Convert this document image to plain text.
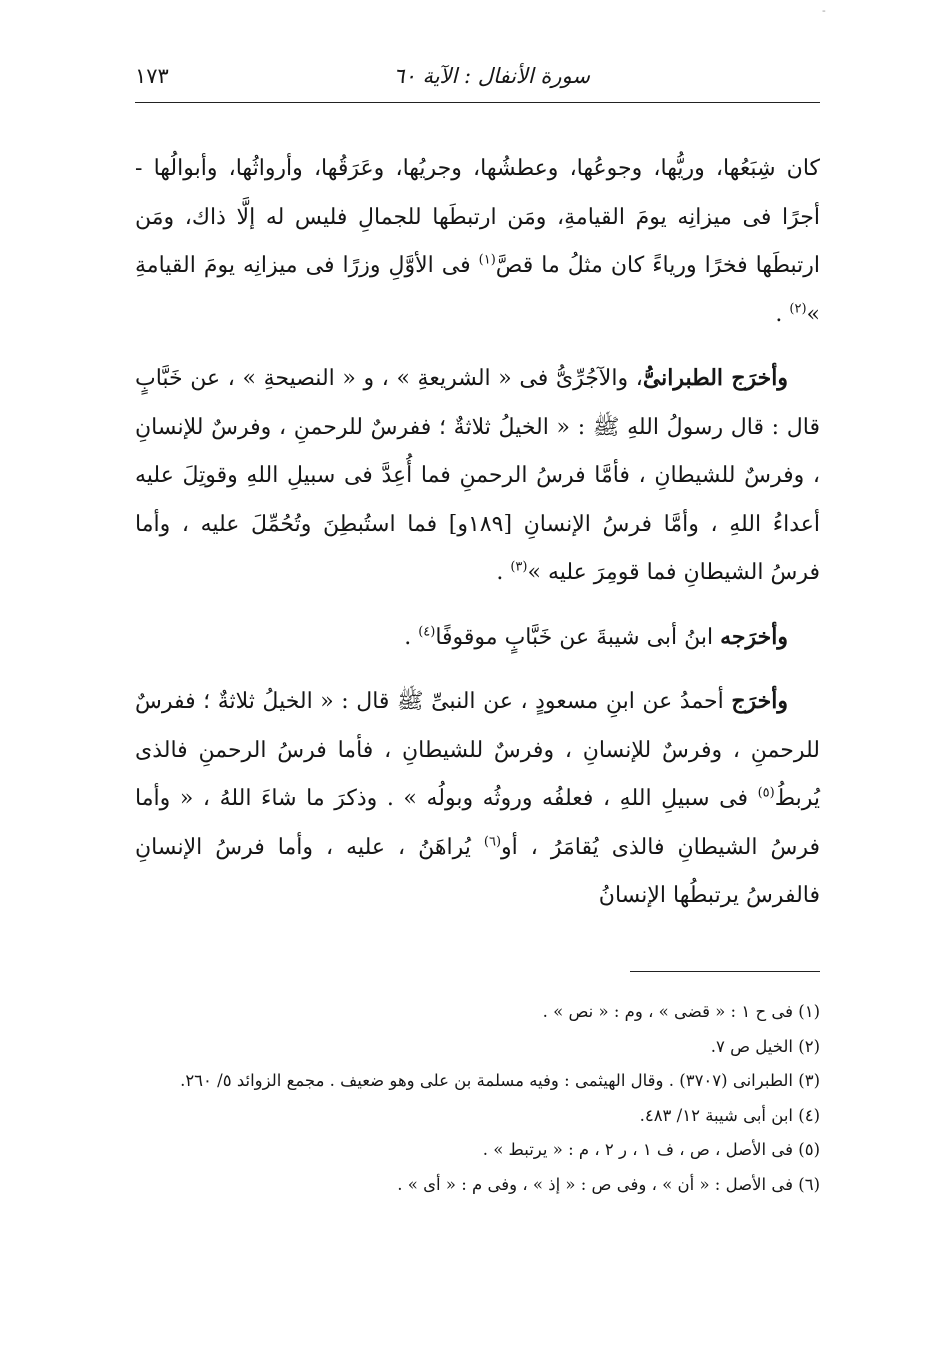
سورة الأنفال : الآية ٦٠
١٧٣

كان شِبَعُها، وريُّها، وجوعُها، وعطشُها، وجريُها، وعَرَقُها، وأرواثُها، وأبوالُها - أجرًا فى ميزانِه يومَ القيامةِ، ومَن ارتبطَها للجمالِ فليس له إلَّا ذاك، ومَن ارتبطَها فخرًا ورياءً كان مثلُ ما قصَّ$^{(١)}$ فى الأوَّلِ وزرًا فى ميزانِه يومَ القيامةِ »$^{(٢)}$ .

وأخرَج الطبرانىُّ، والآجُرِّىُّ فى « الشريعةِ » ، و « النصيحةِ » ، عن خَبَّابٍ قال : قال رسولُ اللهِ ﷺ : « الخيلُ ثلاثةٌ ؛ ففرسٌ للرحمنِ ، وفرسٌ للإنسانِ ، وفرسٌ للشيطانِ ، فأمَّا فرسُ الرحمنِ فما أُعِدَّ فى سبيلِ اللهِ وقوتِلَ عليه أعداءُ اللهِ ، وأمَّا فرسُ الإنسانِ [١٨٩و] فما استُبطِنَ وتُحُمِّلَ عليه ، وأما فرسُ الشيطانِ فما قومِرَ عليه »$^{(٣)}$ .

وأخرَجه ابنُ أبى شيبةَ عن خَبَّابٍ موقوفًا$^{(٤)}$ .

وأخرَج أحمدُ عن ابنِ مسعودٍ ، عن النبىِّ ﷺ قال : « الخيلُ ثلاثةٌ ؛ ففرسٌ للرحمنِ ، وفرسٌ للإنسانِ ، وفرسٌ للشيطانِ ، فأما فرسُ الرحمنِ فالذى يُربطُ$^{(٥)}$ فى سبيلِ اللهِ ، فعلفُه وروثُه وبولُه » . وذكرَ ما شاءَ اللهُ ، « وأما فرسُ الشيطانِ فالذى يُقامَرُ ، أو$^{(٦)}$ يُراهَنُ ، عليه ، وأما فرسُ الإنسانِ فالفرسُ يرتبطُها الإنسانُ

(١) فى ح ١ : « قضى » ، وم : « نص » .
(٢) الخيل ص ٧.
(٣) الطبرانى (٣٧٠٧) . وقال الهيثمى : وفيه مسلمة بن على وهو ضعيف . مجمع الزوائد ٥/ ٢٦٠.
(٤) ابن أبى شيبة ١٢/ ٤٨٣.
(٥) فى الأصل ، ص ، ف ١ ، ر ٢ ، م : « يرتبط » .
(٦) فى الأصل : « أن » ، وفى ص : « إذ » ، وفى م : « أى » .
-
